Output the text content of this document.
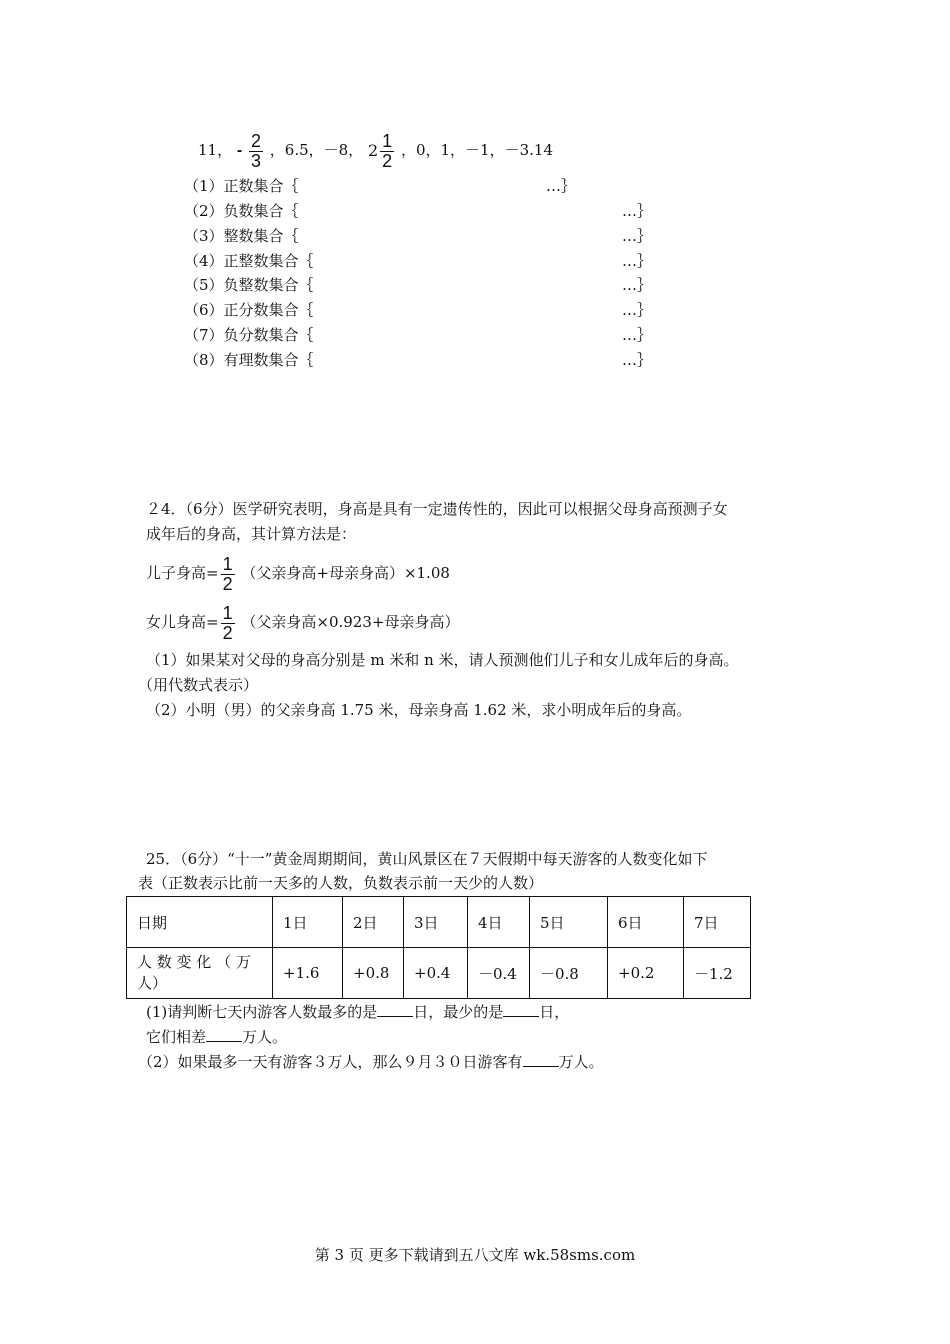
11， - $\frac{2}{3}$ ，6.5，－8， $2 \frac{1}{2}$ ，0，1，－1，－3.14
（1）正数集合｛	…｝
（2）负数集合｛	…｝
（3）整数集合｛	…｝
（4）正整数集合｛	…｝
（5）负整数集合｛	…｝
（6）正分数集合｛	…｝
（7）负分数集合｛	…｝
（8）有理数集合｛	…｝
２4．（6分）医学研究表明，身高是具有一定遗传性的，因此可以根据父母身高预测子女
成年后的身高，其计算方法是：
儿子身高= $\frac{1}{2}$ （父亲身高+母亲身高）×1.08
女儿身高= $\frac{1}{2}$ （父亲身高×0.923+母亲身高）
（1）如果某对父母的身高分别是 m 米和 n 米，请人预测他们儿子和女儿成年后的身高。
（用代数式表示）
（2）小明（男）的父亲身高 1.75 米，母亲身高 1.62 米，求小明成年后的身高。
25．（6分）“十一”黄金周期期间，黄山风景区在７天假期中每天游客的人数变化如下
表（正数表示比前一天多的人数，负数表示前一天少的人数）
日期	1日	2日	3日	4日	5日	6日	7日

人 数 变 化 （ 万
人）	+1.6	+0.8	+0.4	－0.4	－0.8	+0.2	－1.2
(1)请判断七天内游客人数最多的是 日，最少的是 日，
它们相差 万人。
（2）如果最多一天有游客３万人，那么９月３０日游客有 万人。
第 3 页 更多下载请到五八文库 wk.58sms.com
